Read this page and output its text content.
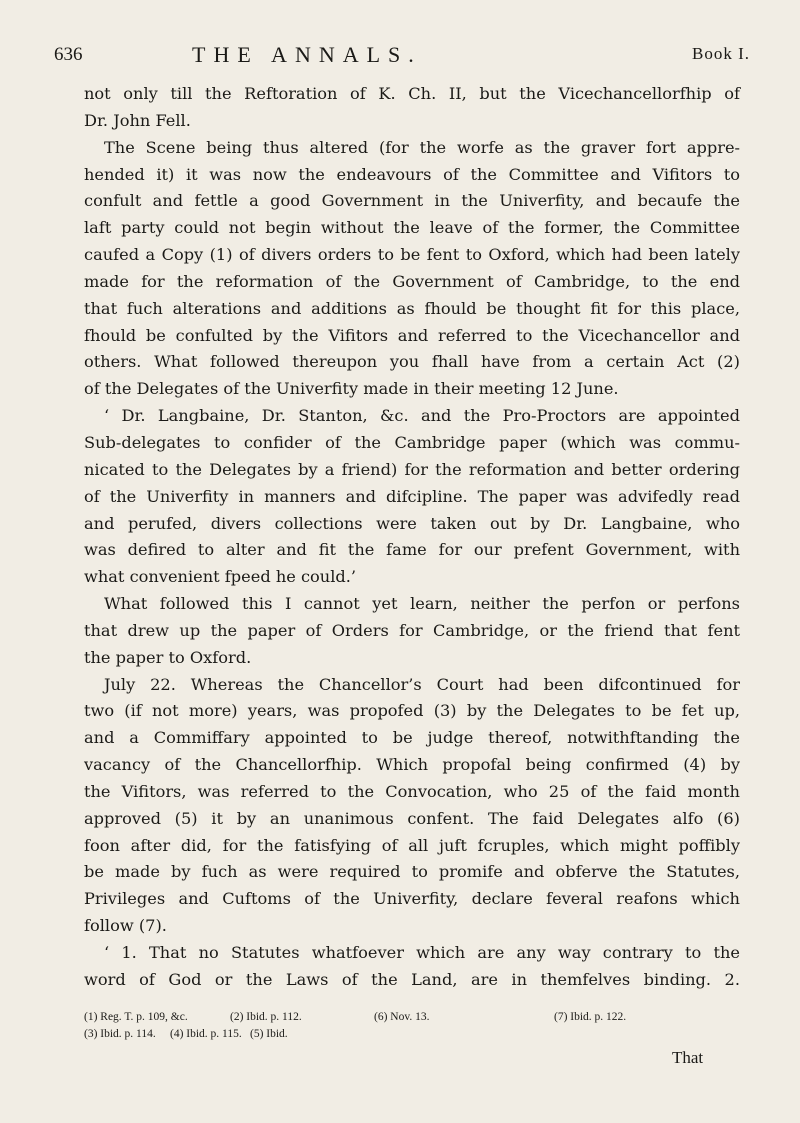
636	THE ANNALS.	Book I.
not only till the Reftoration of K. Ch. II, but the Vicechancellorfhip of
Dr. John Fell.
The Scene being thus altered (for the worfe as the graver fort appre-
hended it) it was now the endeavours of the Committee and Vifitors to
confult and fettle a good Government in the Univerfity, and becaufe the
laft party could not begin without the leave of the former, the Committee
caufed a Copy (1) of divers orders to be fent to Oxford, which had been lately
made for the reformation of the Government of Cambridge, to the end
that fuch alterations and additions as fhould be thought fit for this place,
fhould be confulted by the Vifitors and referred to the Vicechancellor and
others. What followed thereupon you fhall have from a certain Act (2)
of the Delegates of the Univerfity made in their meeting 12 June.
‘ Dr. Langbaine, Dr. Stanton, &c. and the Pro-Proctors are appointed
Sub-delegates to confider of the Cambridge paper (which was commu-
nicated to the Delegates by a friend) for the reformation and better ordering
of the Univerfity in manners and difcipline. The paper was advifedly read
and perufed, divers collections were taken out by Dr. Langbaine, who
was defired to alter and fit the fame for our prefent Government, with
what convenient fpeed he could.’
What followed this I cannot yet learn, neither the perfon or perfons
that drew up the paper of Orders for Cambridge, or the friend that fent
the paper to Oxford.
July 22. Whereas the Chancellor’s Court had been difcontinued for
two (if not more) years, was propofed (3) by the Delegates to be fet up,
and a Commiffary appointed to be judge thereof, notwithftanding the
vacancy of the Chancellorfhip. Which propofal being confirmed (4) by
the Vifitors, was referred to the Convocation, who 25 of the faid month
approved (5) it by an unanimous confent. The faid Delegates alfo (6)
foon after did, for the fatisfying of all juft fcruples, which might poffibly
be made by fuch as were required to promife and obferve the Statutes,
Privileges and Cuftoms of the Univerfity, declare feveral reafons which
follow (7).
‘ 1. That no Statutes whatfoever which are any way contrary to the
word of God or the Laws of the Land, are in themfelves binding. 2.
(1) Reg. T. p. 109, &c.	(2) Ibid. p. 112.	(6) Nov. 13.	(7) Ibid. p. 122.
(3) Ibid. p. 114. (4) Ibid. p. 115. (5) Ibid.
That
